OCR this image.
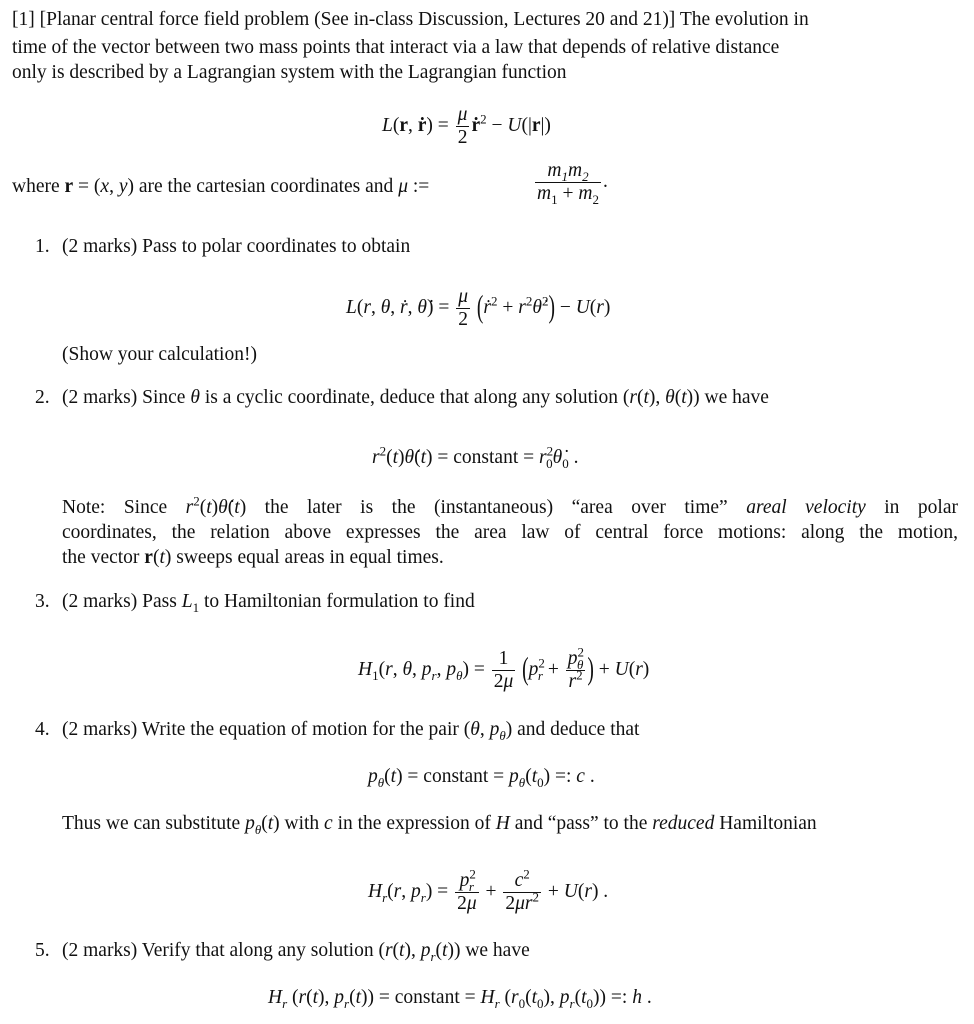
[1] [Planar central force field problem (See in-class Discussion, Lectures 20 and 21)] The evolution in
time of the vector between two mass points that interact via a law that depends of relative distance
only is described by a Lagrangian system with the Lagrangian function
L(r, ṙ) = $\frac{\mu}{2}$ ṙ$^2$ − U(|r|)
where r = (x, y) are the cartesian coordinates and μ :=	$\frac{m_1m_2}{m_1 + m_2}$ .
1. (2 marks) Pass to polar coordinates to obtain
L(r, θ, ṙ, θ̇) = $\frac{\mu}{2}$ (ṙ$^2$ + $r^2\thetȧ^2) - U(r)$
(Show your calculation!)
2. (2 marks) Since θ is a cyclic coordinate, deduce that along any solution (r(t), θ(t)) we have
$r^2(t)\thetȧ(t)$ = constant = $r^2_0\thetȧ_0$ .
Note: Since $r^2(t)\thetȧ(t)$ the later is the (instantaneous) “area over time” areal velocity in polar
coordinates, the relation above expresses the area law of central force motions: along the motion,
the vector r(t) sweeps equal areas in equal times.
3. (2 marks) Pass $L_1$ to Hamiltonian formulation to find
$H_1(r$, θ, $p_r$, $p_\theta) = \frac{1}{2\mu} (p^2_r + \frac{p^2_\theta}{r^2}$ ) + U(r)
4. (2 marks) Write the equation of motion for the pair (θ, $p_\theta$) and deduce that
$p_\theta(t)$ = constant = $p_\theta(t_0)$ =: c .
Thus we can substitute $p_\theta(t)$ with c in the expression of H and “pass” to the reduced Hamiltonian
$H_r(r$, $p_r) = \frac{p^2_r}{2\mu} + \frac{c^2}{2\mu r^2} + U(r)$ .
5. (2 marks) Verify that along any solution (r(t), $p_r(t)$) we have
$H_r$ (r(t), $p_r(t)$) = constant = $H_r$ ($r_0(t_0)$, $p_r(t_0)$) =: h .
